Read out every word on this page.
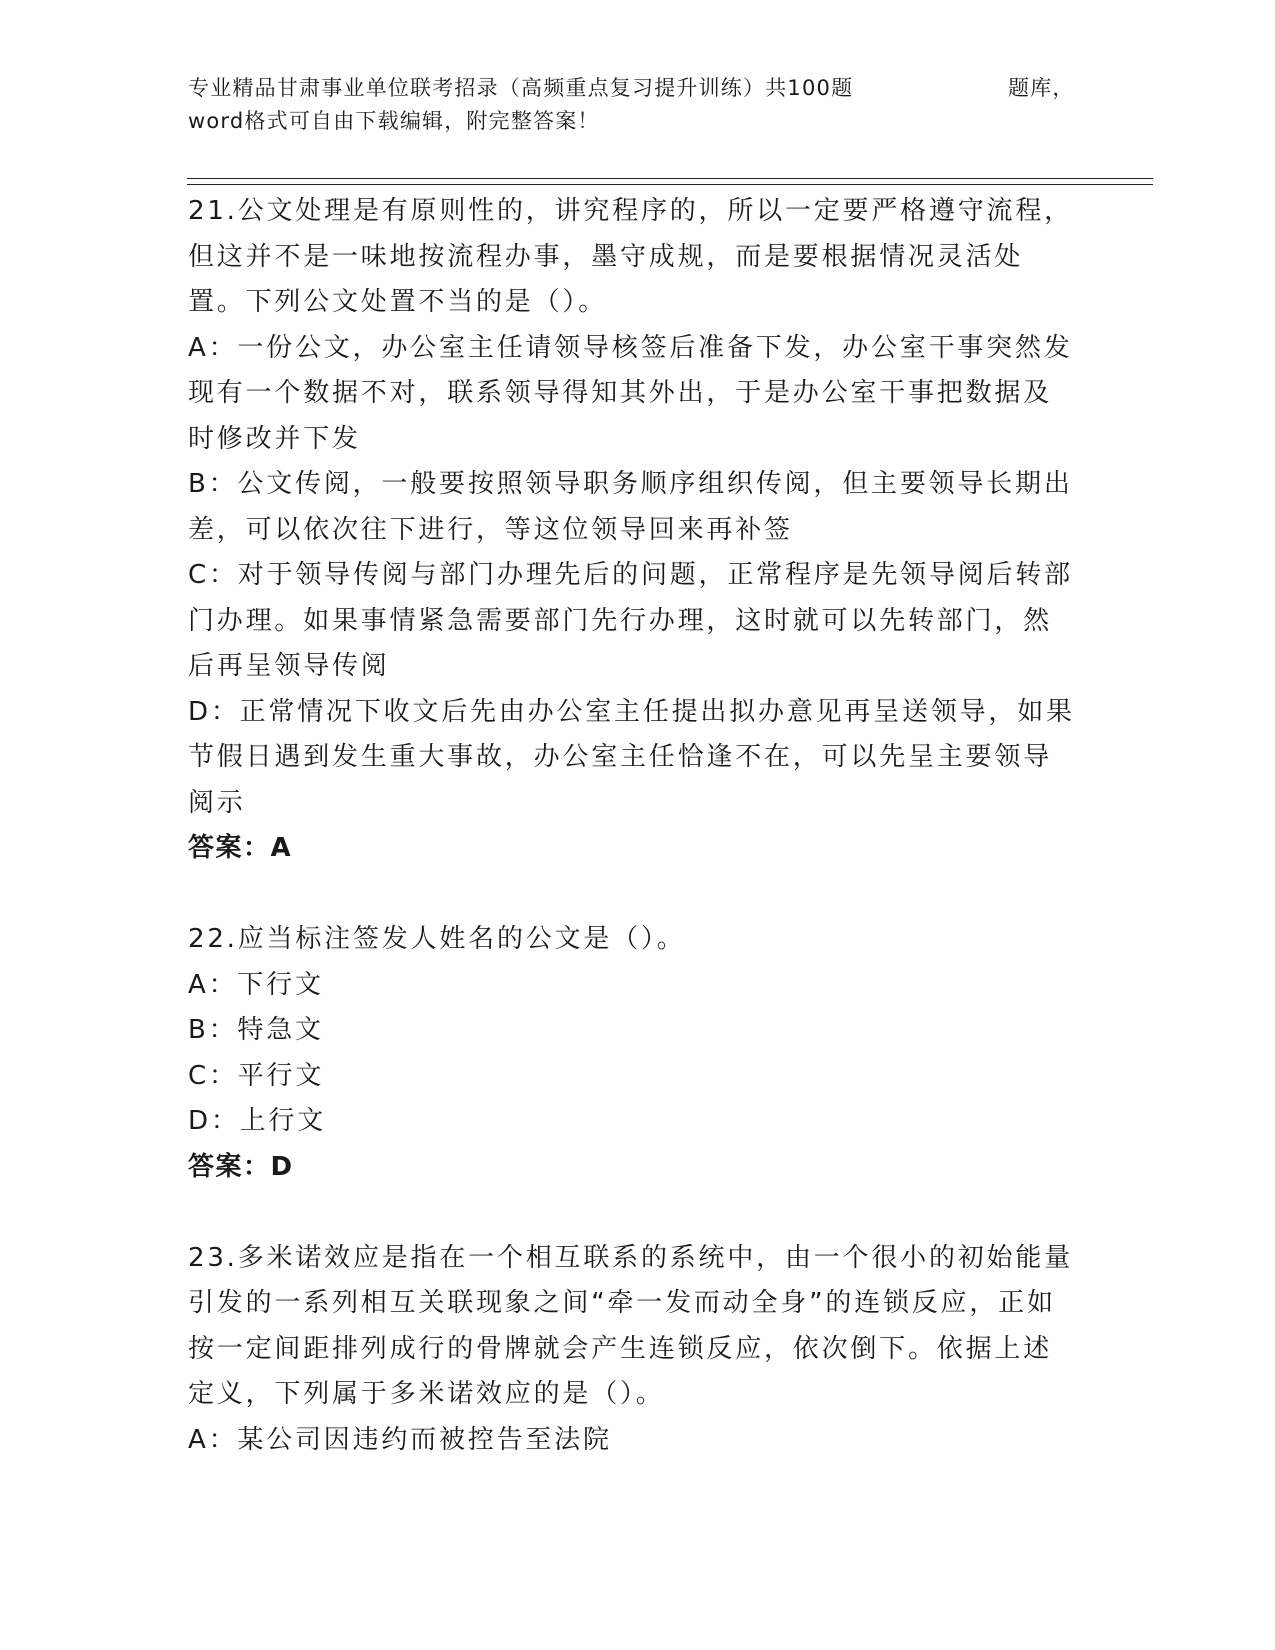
专业精品甘肃事业单位联考招录（高频重点复习提升训练）共100题	题库，
word格式可自由下载编辑，附完整答案！

21.公文处理是有原则性的，讲究程序的，所以一定要严格遵守流程，但这并不是一味地按流程办事，墨守成规，而是要根据情况灵活处置。下列公文处置不当的是（）。

A：一份公文，办公室主任请领导核签后准备下发，办公室干事突然发现有一个数据不对，联系领导得知其外出，于是办公室干事把数据及时修改并下发

B：公文传阅，一般要按照领导职务顺序组织传阅，但主要领导长期出差，可以依次往下进行，等这位领导回来再补签

C：对于领导传阅与部门办理先后的问题，正常程序是先领导阅后转部门办理。如果事情紧急需要部门先行办理，这时就可以先转部门，然后再呈领导传阅

D：正常情况下收文后先由办公室主任提出拟办意见再呈送领导，如果节假日遇到发生重大事故，办公室主任恰逢不在，可以先呈主要领导阅示

答案：A

22.应当标注签发人姓名的公文是（）。

A：下行文

B：特急文

C：平行文

D：上行文

答案：D

23.多米诺效应是指在一个相互联系的系统中，由一个很小的初始能量引发的一系列相互关联现象之间“牵一发而动全身”的连锁反应，正如按一定间距排列成行的骨牌就会产生连锁反应，依次倒下。依据上述定义，下列属于多米诺效应的是（）。

A：某公司因违约而被控告至法院
